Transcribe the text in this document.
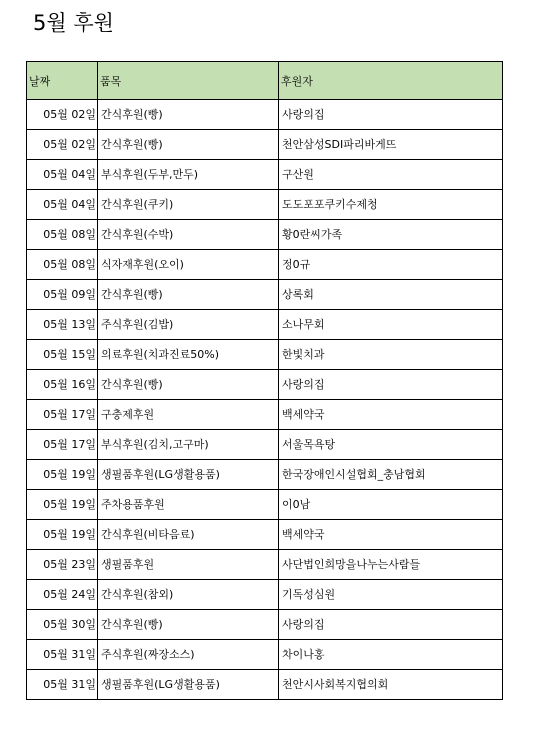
5월 후원
날짜	품목	후원자
05월 02일	간식후원(빵)	사랑의집
05월 02일	간식후원(빵)	천안삼성SDI파리바게뜨
05월 04일	부식후원(두부,만두)	구산원
05월 04일	간식후원(쿠키)	도도포포쿠키수제청
05월 08일	간식후원(수박)	황0란씨가족
05월 08일	식자재후원(오이)	정0규
05월 09일	간식후원(빵)	상록회
05월 13일	주식후원(김밥)	소나무회
05월 15일	의료후원(치과진료50%)	한빛치과
05월 16일	간식후원(빵)	사랑의집
05월 17일	구충제후원	백세약국
05월 17일	부식후원(김치,고구마)	서울목욕탕
05월 19일	생필품후원(LG생활용품)	한국장애인시설협회_충남협회
05월 19일	주차용품후원	이0남
05월 19일	간식후원(비타음료)	백세약국
05월 23일	생필품후원	사단법인희망을나누는사람들
05월 24일	간식후원(참외)	기독성심원
05월 30일	간식후원(빵)	사랑의집
05월 31일	주식후원(짜장소스)	차이나홍
05월 31일	생필품후원(LG생활용품)	천안시사회복지협의회
